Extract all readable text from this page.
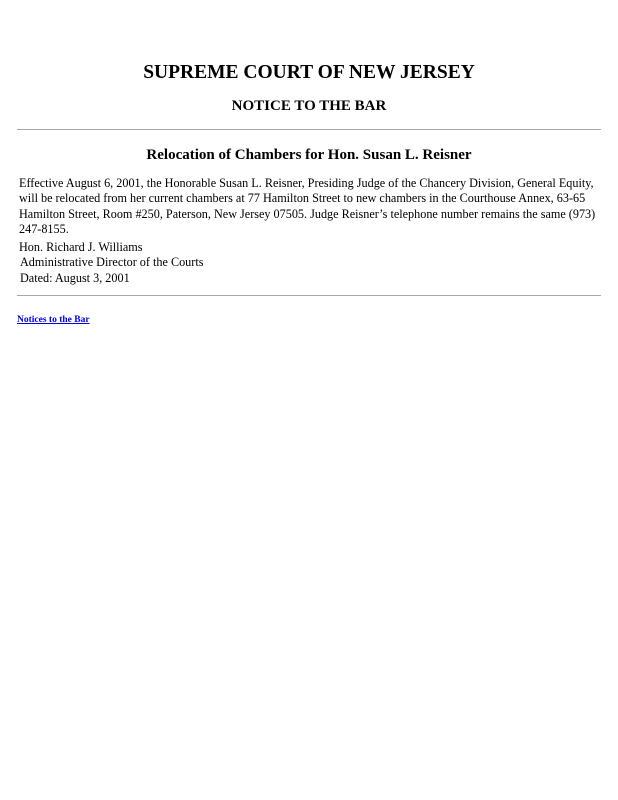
SUPREME COURT OF NEW JERSEY
NOTICE TO THE BAR
Relocation of Chambers for Hon. Susan L. Reisner

Effective August 6, 2001, the Honorable Susan L. Reisner, Presiding Judge of the Chancery Division, General Equity, will be relocated from her current chambers at 77 Hamilton Street to new chambers in the Courthouse Annex, 63-65 Hamilton Street, Room #250, Paterson, New Jersey 07505. Judge Reisner’s telephone number remains the same (973) 247-8155.

Hon. Richard J. Williams
Administrative Director of the Courts
Dated: August 3, 2001
Notices to the Bar
